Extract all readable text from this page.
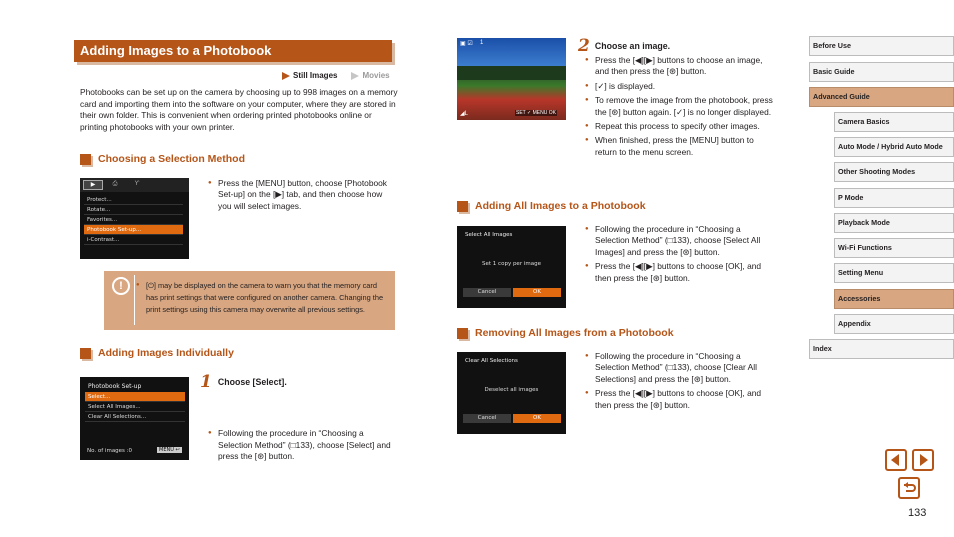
Adding Images to a Photobook
Still Images	Movies
Photobooks can be set up on the camera by choosing up to 998 images on a memory card and importing them into the software on your computer, where they are stored in their own folder. This is convenient when ordering printed photobooks online or printing photobooks with your own printer.
Choosing a Selection Method
▶	⎙	Ƴ
Protect...
Rotate...
Favorites...
Photobook Set-up...
i-Contrast...
● Press the [MENU] button, choose [Photobook Set-up] on the [▶] tab, and then choose how you will select images.
!
●	[⏻] may be displayed on the camera to warn you that the memory card has print settings that were configured on another camera. Changing the print settings using this camera may overwrite all previous settings.
Adding Images Individually
Photobook Set-up
Select...
Select All Images...
Clear All Selections...
No. of images :0	MENU ↩
1 Choose [Select].
● Following the procedure in “Choosing a Selection Method” (□133), choose [Select] and press the [⊛] button.
▣ ☑ 1
◢L	SET ✓ MENU OK
2 Choose an image.
● Press the [◀][▶] buttons to choose an image, and then press the [⊛] button.
● [✓] is displayed.
● To remove the image from the photobook, press the [⊛] button again. [✓] is no longer displayed.
● Repeat this process to specify other images.
● When finished, press the [MENU] button to return to the menu screen.
Adding All Images to a Photobook
Select All Images
Set 1 copy per image
Cancel	OK
● Following the procedure in “Choosing a Selection Method” (□133), choose [Select All Images] and press the [⊛] button.
● Press the [◀][▶] buttons to choose [OK], and then press the [⊛] button.
Removing All Images from a Photobook
Clear All Selections
Deselect all images
Cancel	OK
● Following the procedure in “Choosing a Selection Method” (□133), choose [Clear All Selections] and press the [⊛] button.
● Press the [◀][▶] buttons to choose [OK], and then press the [⊛] button.
Before Use
Basic Guide
Advanced Guide
Camera Basics
Auto Mode / Hybrid Auto Mode
Other Shooting Modes
P Mode
Playback Mode
Wi-Fi Functions
Setting Menu
Accessories
Appendix
Index
133
